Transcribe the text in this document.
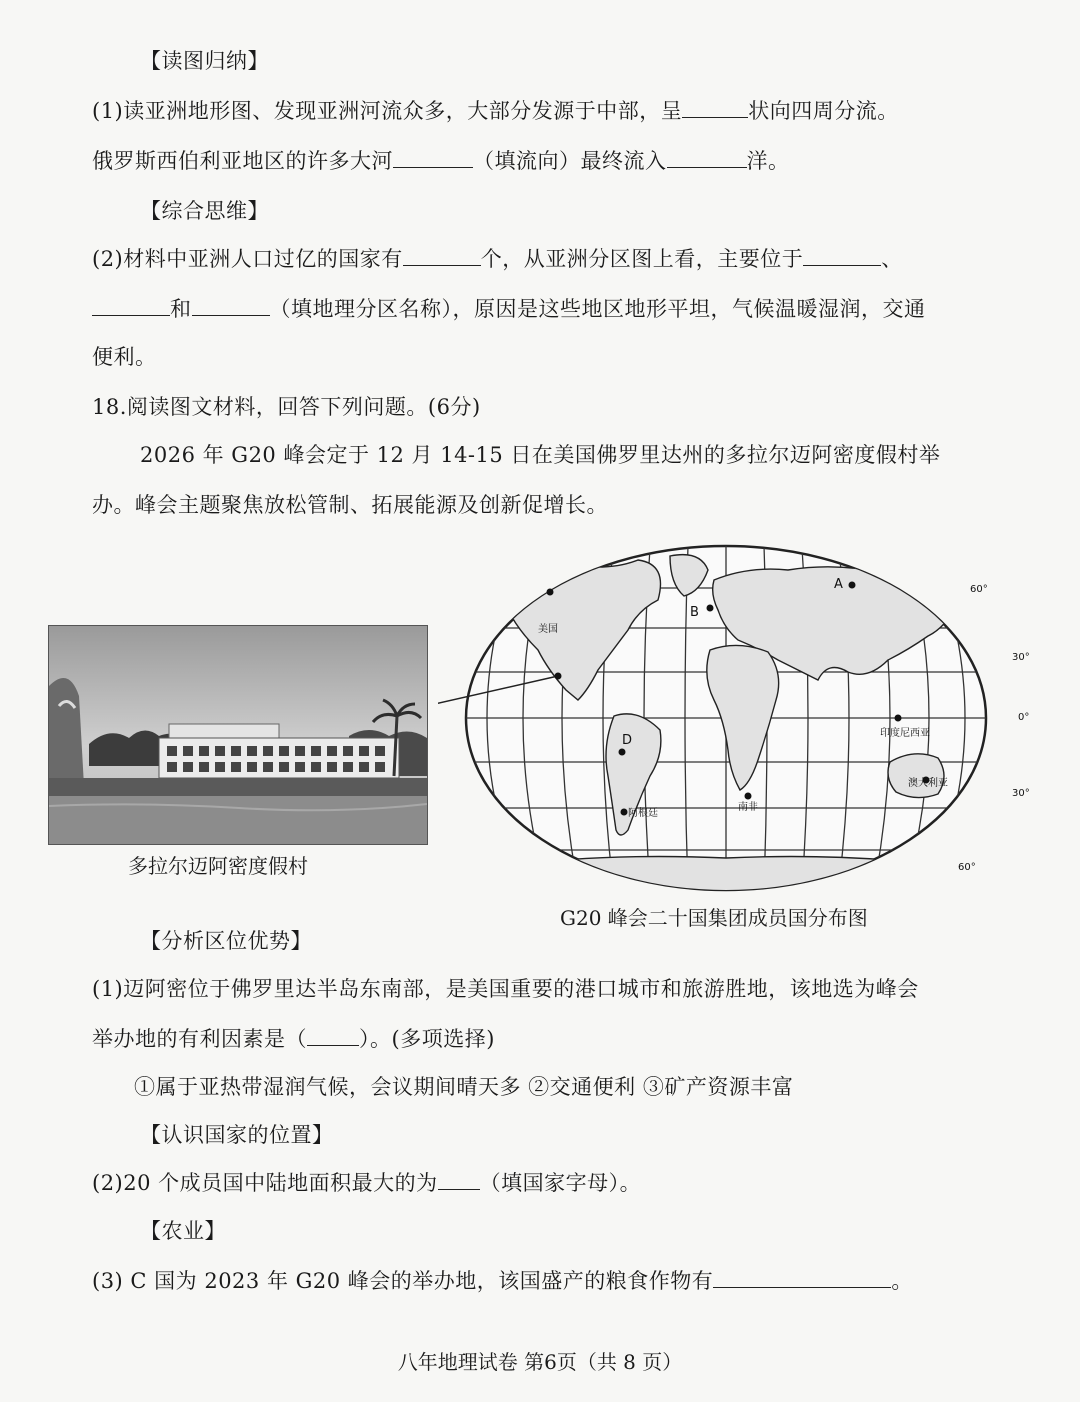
【读图归纳】
(1)读亚洲地形图、发现亚洲河流众多，大部分发源于中部，呈	状向四周分流。
俄罗斯西伯利亚地区的许多大河	（填流向）最终流入	洋。
【综合思维】
(2)材料中亚洲人口过亿的国家有	个，从亚洲分区图上看，主要位于	、
和	（填地理分区名称），原因是这些地区地形平坦，气候温暖湿润，交通
便利。
18.阅读图文材料，回答下列问题。(6分)
2026 年 G20 峰会定于 12 月 14-15 日在美国佛罗里达州的多拉尔迈阿密度假村举
办。峰会主题聚焦放松管制、拓展能源及创新促增长。
多拉尔迈阿密度假村
A
B
D
美国
阿根廷
南非
印度尼西亚
澳大利亚
60°
30°
0°
30°
60°
G20 峰会二十国集团成员国分布图
【分析区位优势】
(1)迈阿密位于佛罗里达半岛东南部，是美国重要的港口城市和旅游胜地，该地选为峰会
举办地的有利因素是（ ）。(多项选择)
①属于亚热带湿润气候，会议期间晴天多 ②交通便利 ③矿产资源丰富
【认识国家的位置】
(2)20 个成员国中陆地面积最大的为 （填国家字母）。
【农业】
(3) C 国为 2023 年 G20 峰会的举办地，该国盛产的粮食作物有	。
八年地理试卷 第6页（共 8 页）
